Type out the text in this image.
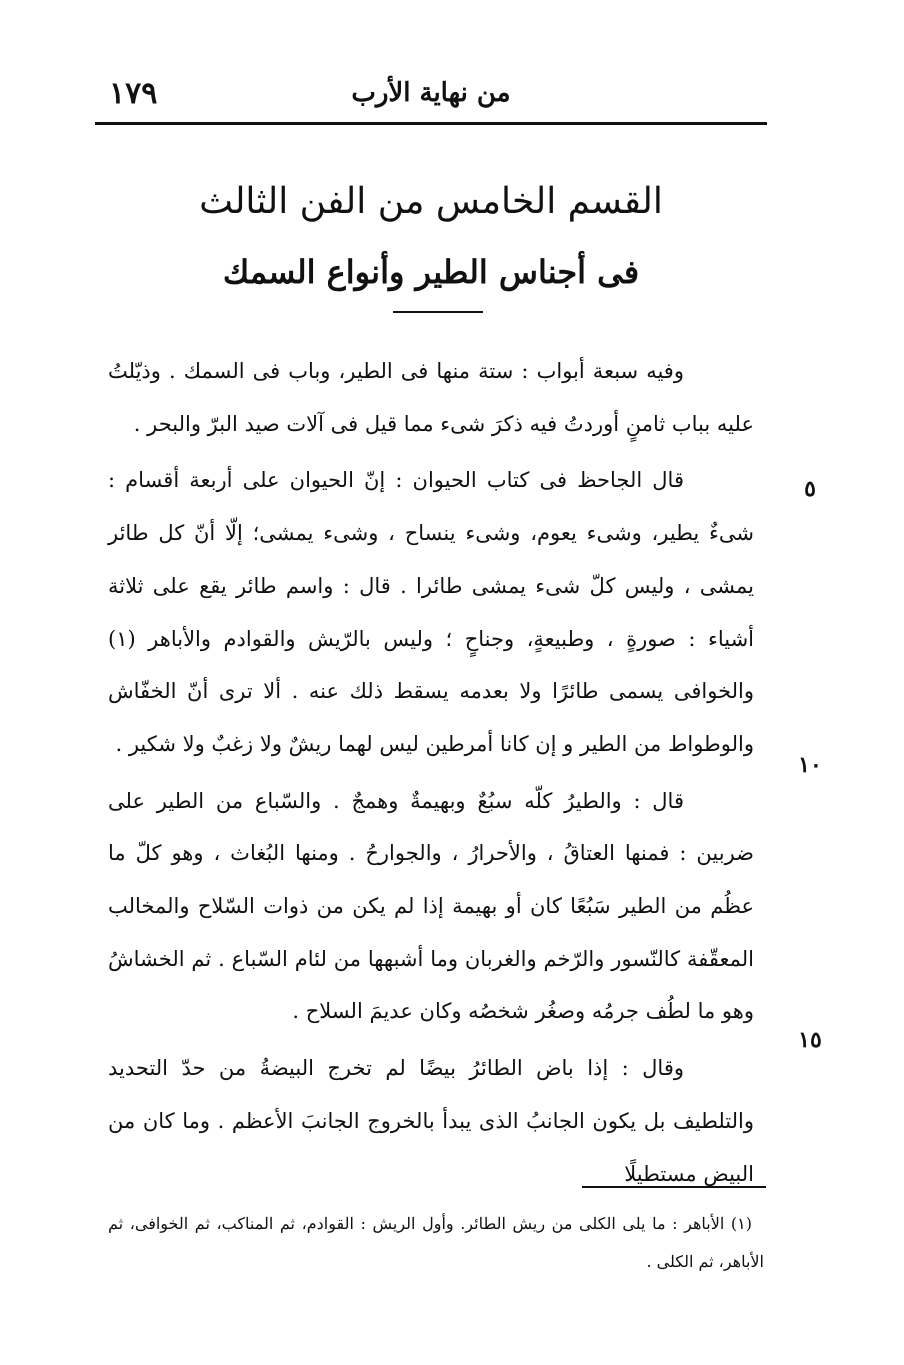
١٧٩	من نهاية الأرب
القسم الخامس من الفن الثالث
فى أجناس الطير وأنواع السمك
٥
١٠
١٥

وفيه سبعة أبواب : ستة منها فى الطير، وباب فى السمك . وذيّلتُ عليه بباب ثامنٍ أوردتُ فيه ذكرَ شىء مما قيل فى آلات صيد البرّ والبحر .

قال الجاحظ فى كتاب الحيوان : إنّ الحيوان على أربعة أقسام : شىءٌ يطير، وشىء يعوم، وشىء ينساح ، وشىء يمشى؛ إلّا أنّ كل طائر يمشى ، وليس كلّ شىء يمشى طائرا . قال : واسم طائر يقع على ثلاثة أشياء : صورةٍ ، وطبيعةٍ، وجناحٍ ؛ وليس بالرّيش والقوادم والأباهر (١) والخوافى يسمى طائرًا ولا بعدمه يسقط ذلك عنه . ألا ترى أنّ الخفّاش والوطواط من الطير و إن كانا أمرطين ليس لهما ريشٌ ولا زغبٌ ولا شكير .

قال : والطيرُ كلّه سبُعٌ وبهيمةٌ وهمجٌ . والسّباع من الطير على ضربين : فمنها العتاقُ ، والأحرارُ ، والجوارحُ . ومنها البُغاث ، وهو كلّ ما عظُم من الطير سَبُعًا كان أو بهيمة إذا لم يكن من ذوات السّلاح والمخالب المعقّفة كالنّسور والرّخم والغربان وما أشبهها من لئام السّباع . ثم الخشاشُ وهو ما لطُف جرمُه وصغُر شخصُه وكان عديمَ السلاح .

وقال : إذا باض الطائرُ بيضًا لم تخرج البيضةُ من حدّ التحديد والتلطيف بل يكون الجانبُ الذى يبدأ بالخروج الجانبَ الأعظم . وما كان من البيض مستطيلًا

(١) الأباهر : ما يلى الكلى من ريش الطائر. وأول الريش : القوادم، ثم المناكب، ثم الخوافى، ثم الأباهر، ثم الكلى .
